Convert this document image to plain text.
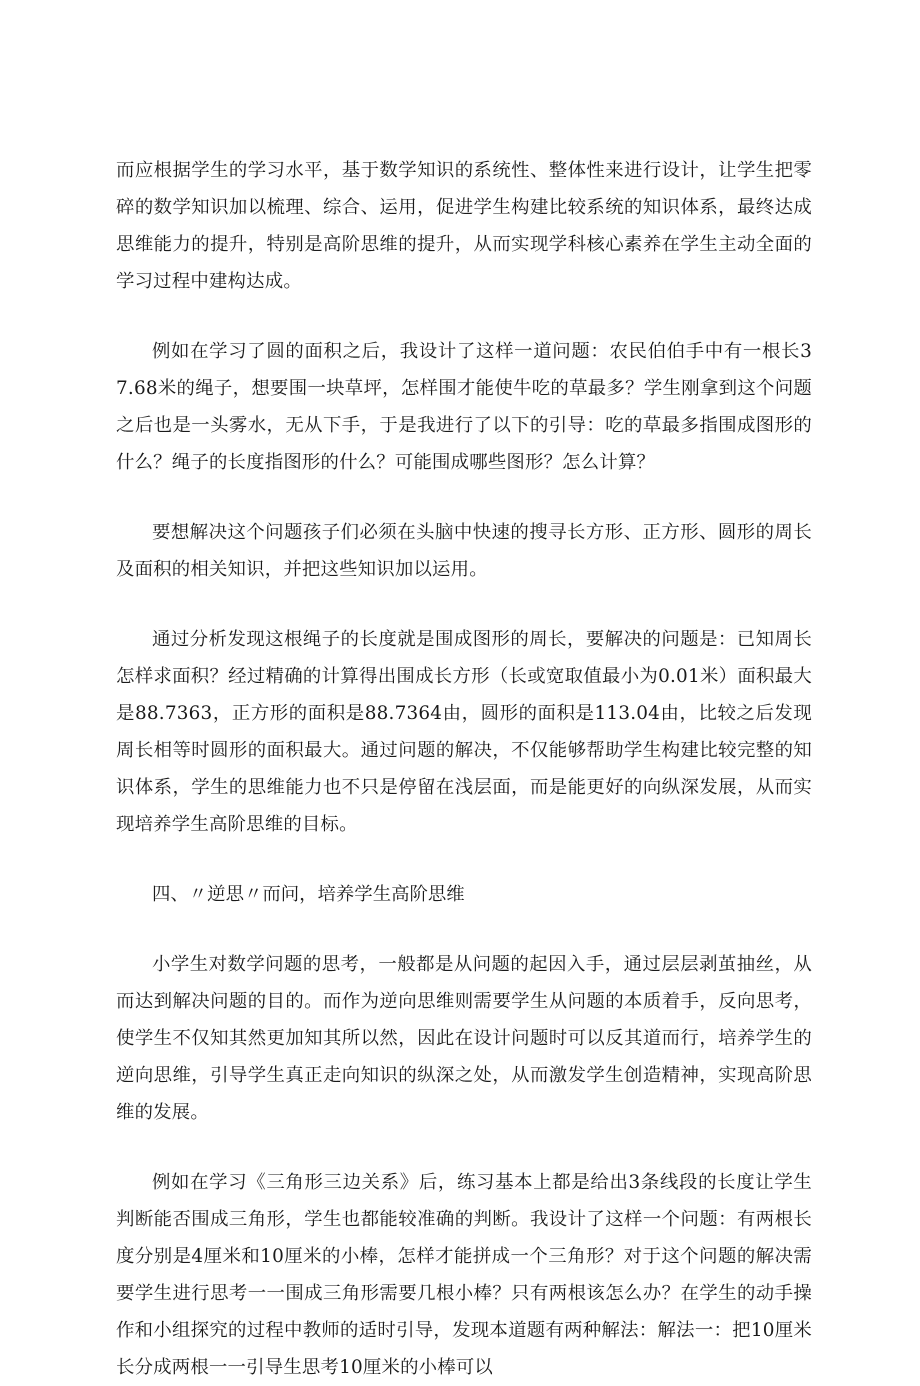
而应根据学生的学习水平，基于数学知识的系统性、整体性来进行设计，让学生把零碎的数学知识加以梳理、综合、运用，促进学生构建比较系统的知识体系，最终达成思维能力的提升，特别是高阶思维的提升，从而实现学科核心素养在学生主动全面的学习过程中建构达成。

例如在学习了圆的面积之后，我设计了这样一道问题：农民伯伯手中有一根长37.68米的绳子，想要围一块草坪，怎样围才能使牛吃的草最多？学生刚拿到这个问题之后也是一头雾水，无从下手，于是我进行了以下的引导：吃的草最多指围成图形的什么？绳子的长度指图形的什么？可能围成哪些图形？怎么计算？

要想解决这个问题孩子们必须在头脑中快速的搜寻长方形、正方形、圆形的周长及面积的相关知识，并把这些知识加以运用。

通过分析发现这根绳子的长度就是围成图形的周长，要解决的问题是：已知周长怎样求面积？经过精确的计算得出围成长方形（长或宽取值最小为0.01米）面积最大是88.7363，正方形的面积是88.7364由，圆形的面积是113.04由，比较之后发现周长相等时圆形的面积最大。通过问题的解决，不仅能够帮助学生构建比较完整的知识体系，学生的思维能力也不只是停留在浅层面，而是能更好的向纵深发展，从而实现培养学生高阶思维的目标。

四、〃逆思〃而问，培养学生高阶思维

小学生对数学问题的思考，一般都是从问题的起因入手，通过层层剥茧抽丝，从而达到解决问题的目的。而作为逆向思维则需要学生从问题的本质着手，反向思考，使学生不仅知其然更加知其所以然，因此在设计问题时可以反其道而行，培养学生的逆向思维，引导学生真正走向知识的纵深之处，从而激发学生创造精神，实现高阶思维的发展。

例如在学习《三角形三边关系》后，练习基本上都是给出3条线段的长度让学生判断能否围成三角形，学生也都能较准确的判断。我设计了这样一个问题：有两根长度分别是4厘米和10厘米的小棒，怎样才能拼成一个三角形？对于这个问题的解决需要学生进行思考一一围成三角形需要几根小棒？只有两根该怎么办？在学生的动手操作和小组探究的过程中教师的适时引导，发现本道题有两种解法：解法一：把10厘米长分成两根一一引导生思考10厘米的小棒可以
